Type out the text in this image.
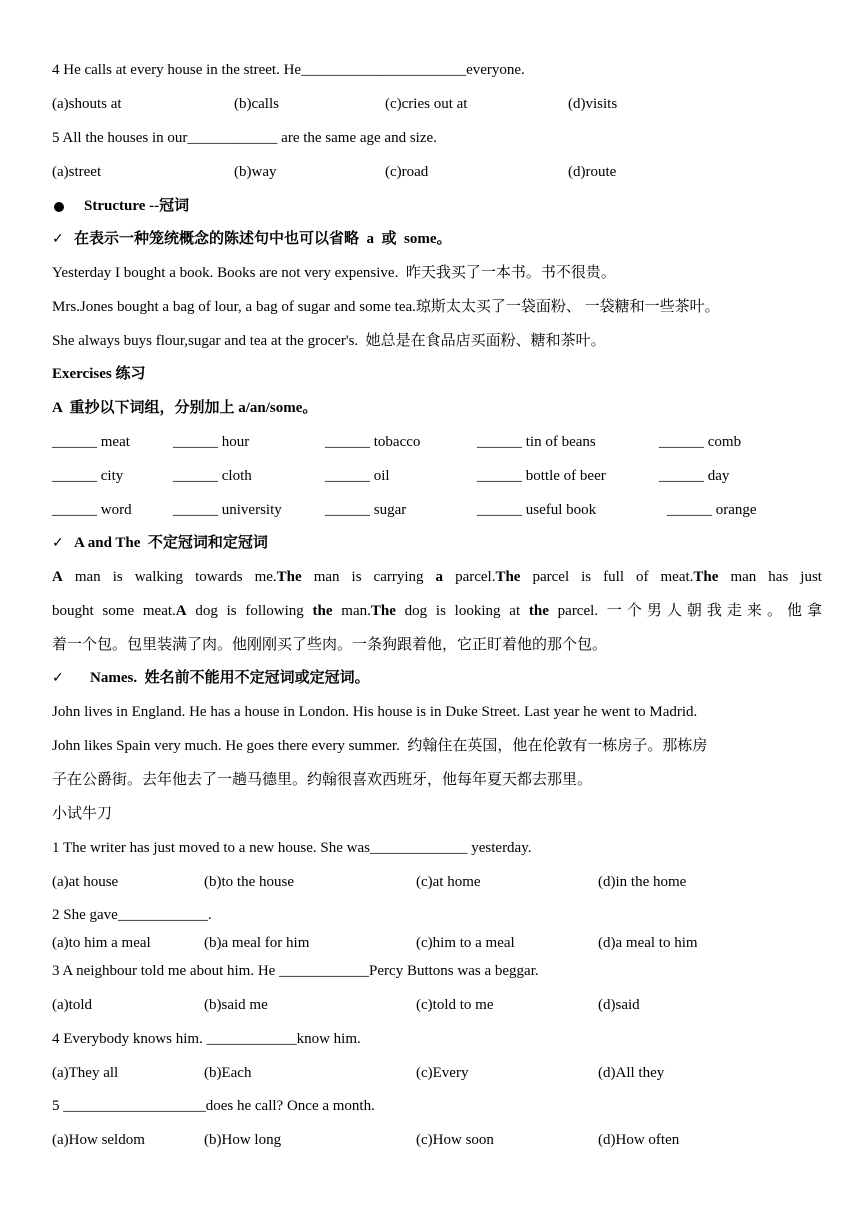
4 He calls at every house in the street. He______________________everyone.
(a)shouts at	(b)calls	(c)cries out at	(d)visits
5 All the houses in our____________ are the same age and size.
(a)street	(b)way	(c)road	(d)route
Structure --冠词
✓ 在表示一种笼统概念的陈述句中也可以省略  a  或  some。
Yesterday I bought a book. Books are not very expensive.  昨天我买了一本书。书不很贵。
Mrs.Jones bought a bag of lour, a bag of sugar and some tea.琼斯太太买了一袋面粉、 一袋糖和一些茶叶。
She always buys flour,sugar and tea at the grocer's.  她总是在食品店买面粉、糖和茶叶。
Exercises 练习
A  重抄以下词组，分别加上 a/an/some。
______ meat	______ hour	______ tobacco	______ tin of beans	______ comb
______ city	______ cloth	______ oil	______ bottle of beer	______ day
______ word	______ university	______ sugar	______ useful book	______ orange
✓ A and The  不定冠词和定冠词
A man is walking towards me.The man is carrying a parcel.The parcel is full of meat.The man has just
bought some meat.A dog is following the man.The dog is looking at the parcel. 一个男人朝我走来。他拿
着一个包。包里装满了肉。他刚刚买了些肉。一条狗跟着他，它正盯着他的那个包。
✓ Names.  姓名前不能用不定冠词或定冠词。
John lives in England. He has a house in London. His house is in Duke Street. Last year he went to Madrid.
John likes Spain very much. He goes there every summer.  约翰住在英国，他在伦敦有一栋房子。那栋房
子在公爵街。去年他去了一趟马德里。约翰很喜欢西班牙，他每年夏天都去那里。
小试牛刀
1 The writer has just moved to a new house. She was_____________ yesterday.
(a)at house	(b)to the house	(c)at home	(d)in the home
2 She gave____________.
(a)to him a meal	(b)a meal for him	(c)him to a meal	(d)a meal to him
3 A neighbour told me about him. He ____________Percy Buttons was a beggar.
(a)told	(b)said me	(c)told to me	(d)said
4 Everybody knows him. ____________know him.
(a)They all	(b)Each	(c)Every	(d)All they
5 ___________________does he call? Once a month.
(a)How seldom	(b)How long	(c)How soon	(d)How often
